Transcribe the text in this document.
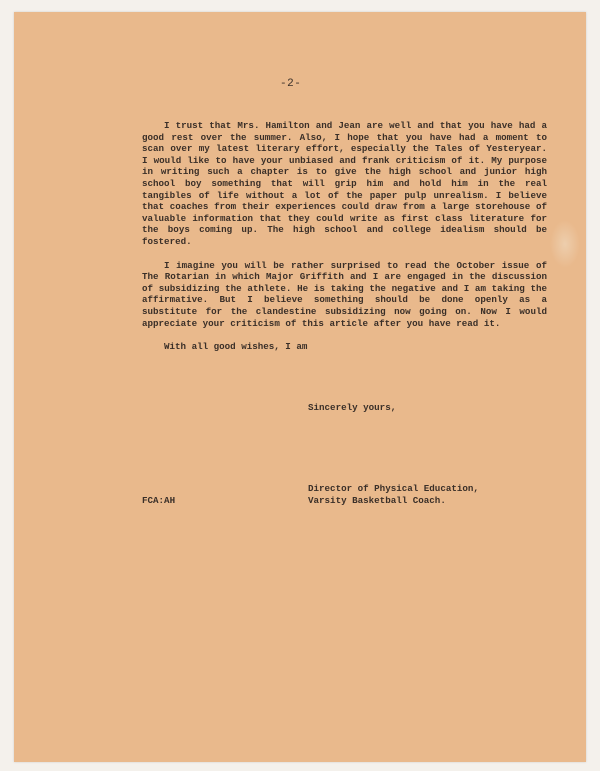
-2-

I trust that Mrs. Hamilton and Jean are well and that you have had a good rest over the summer. Also, I hope that you have had a moment to scan over my latest literary effort, especially the Tales of Yesteryear. I would like to have your unbiased and frank criticism of it. My purpose in writing such a chapter is to give the high school and junior high school boy something that will grip him and hold him in the real tangibles of life without a lot of the paper pulp unrealism. I believe that coaches from their experiences could draw from a large storehouse of valuable information that they could write as first class literature for the boys coming up. The high school and college idealism should be fostered.

I imagine you will be rather surprised to read the October issue of The Rotarian in which Major Griffith and I are engaged in the discussion of subsidizing the athlete. He is taking the negative and I am taking the affirmative. But I believe something should be done openly as a substitute for the clandestine subsidizing now going on. Now I would appreciate your criticism of this article after you have read it.

With all good wishes, I am

Sincerely yours,
Director of Physical Education,
Varsity Basketball Coach.
FCA:AH
